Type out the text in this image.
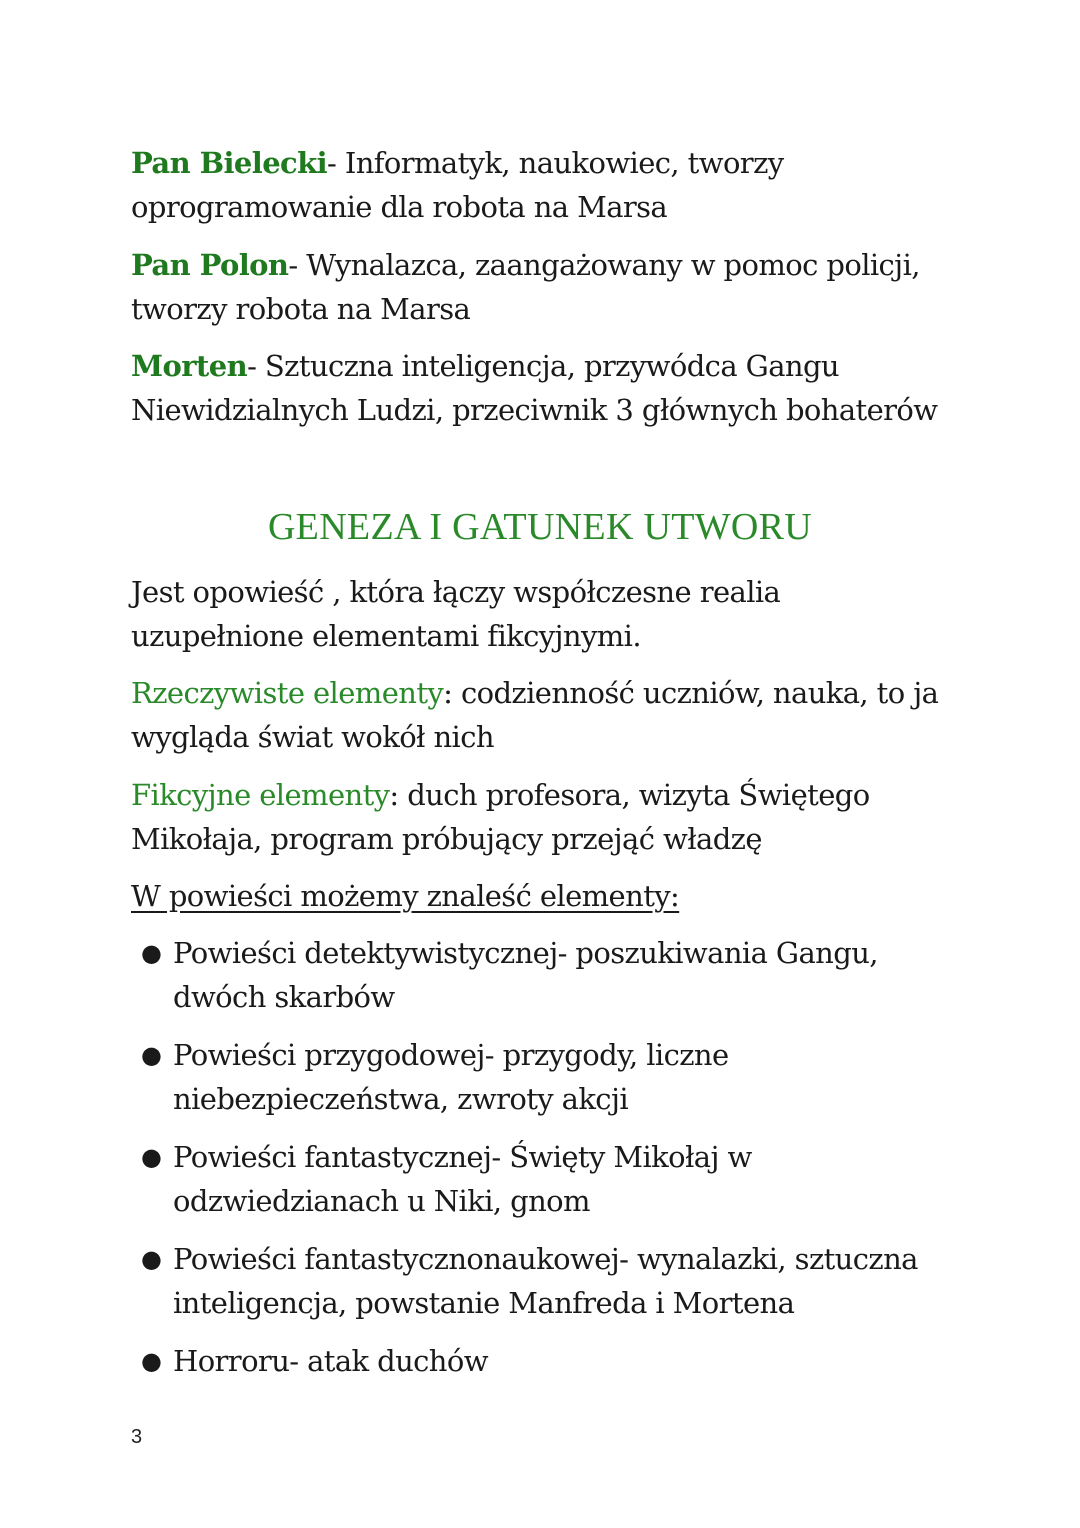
Pan Bielecki- Informatyk, naukowiec, tworzy oprogramowanie dla robota na Marsa
Pan Polon- Wynalazca, zaangażowany w pomoc policji, tworzy robota na Marsa
Morten- Sztuczna inteligencja, przywódca Gangu Niewidzialnych Ludzi, przeciwnik 3 głównych bohaterów
GENEZA I GATUNEK UTWORU
Jest opowieść , która łączy współczesne realia uzupełnione elementami fikcyjnymi.
Rzeczywiste elementy: codzienność uczniów, nauka, to ja wygląda świat wokół nich
Fikcyjne elementy: duch profesora, wizyta Świętego Mikołaja, program próbujący przejąć władzę
W powieści możemy znaleść elementy:
● Powieści detektywistycznej- poszukiwania Gangu, dwóch skarbów
● Powieści przygodowej- przygody, liczne niebezpieczeństwa, zwroty akcji
● Powieści fantastycznej- Święty Mikołaj w odzwiedzianach u Niki, gnom
● Powieści fantastycznonaukowej- wynalazki, sztuczna inteligencja, powstanie Manfreda i Mortena
● Horroru- atak duchów
3
